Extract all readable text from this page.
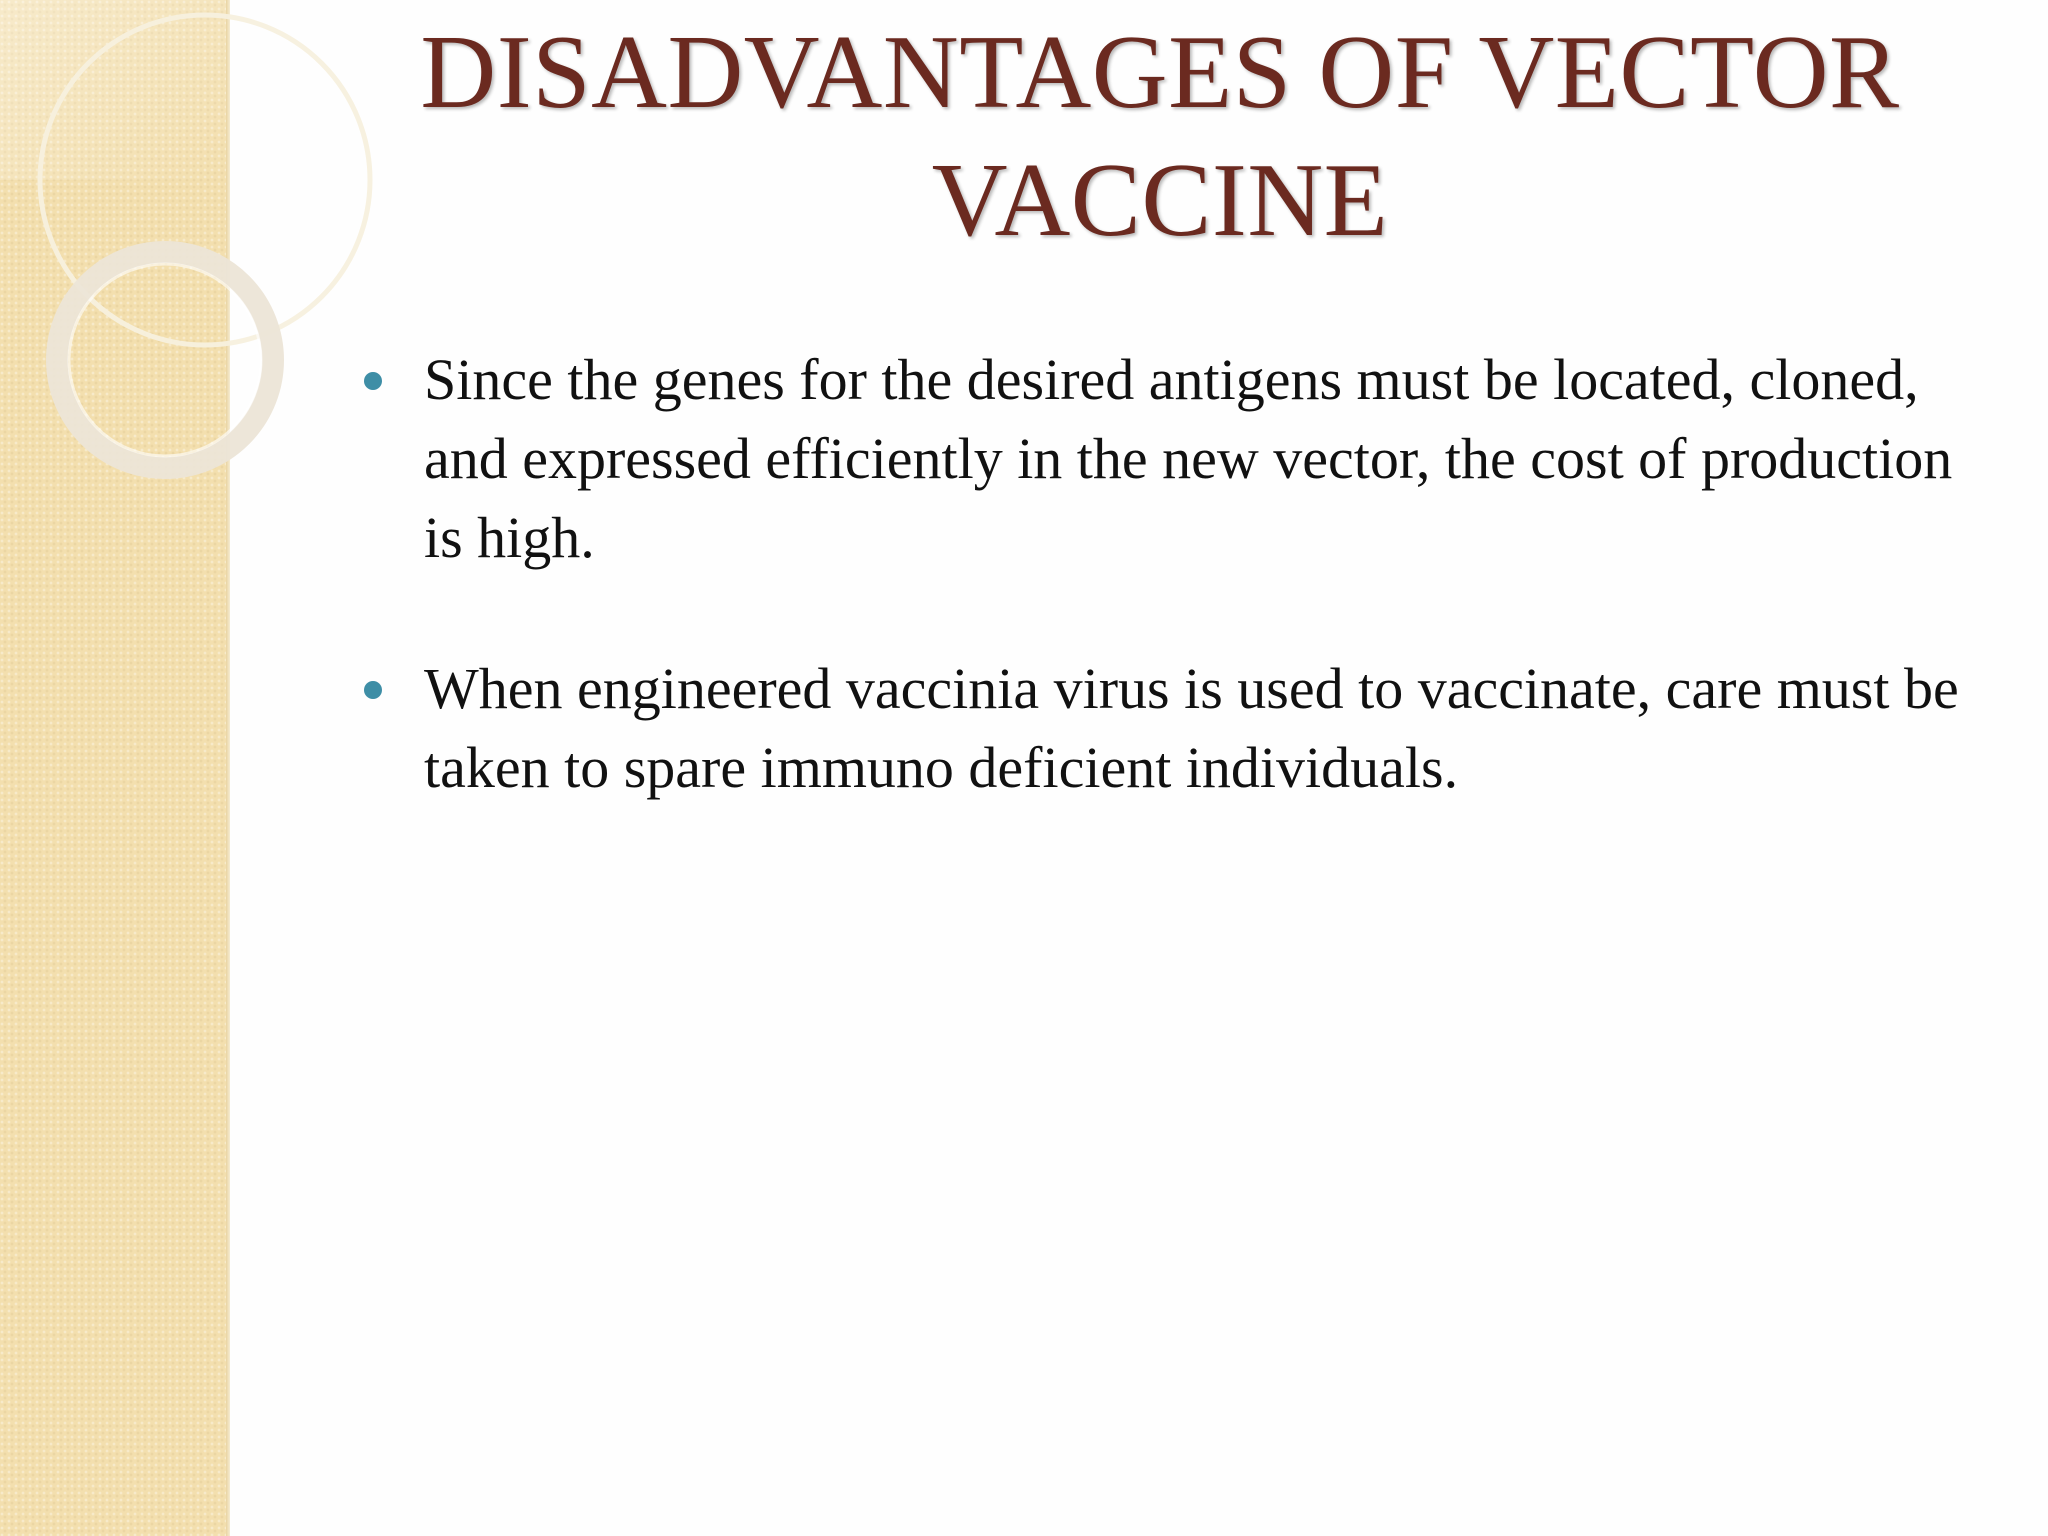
DISADVANTAGES OF VECTOR
VACCINE
Since the genes for the desired antigens must be located, cloned, and expressed efficiently in the new vector, the cost of production is high.
When engineered vaccinia virus is used to vaccinate, care must be taken to spare immuno deficient individuals.
